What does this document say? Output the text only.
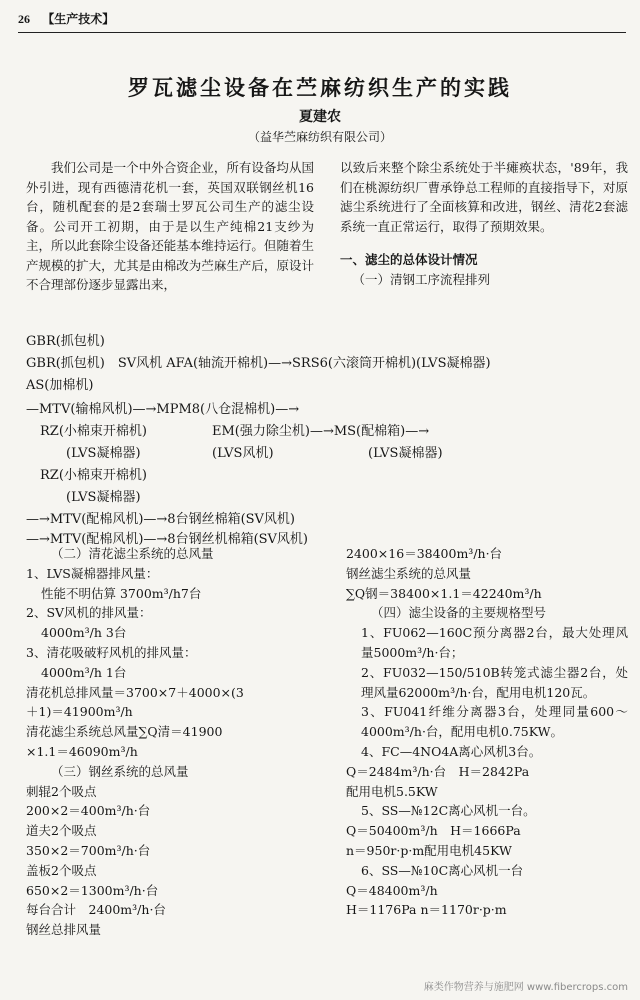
26 【生产技术】
罗瓦滤尘设备在苎麻纺织生产的实践
夏建农
（益华苎麻纺织有限公司）

我们公司是一个中外合资企业，所有设备均从国外引进，现有西德清花机一套，英国双联钢丝机16台，随机配套的是2套瑞士罗瓦公司生产的滤尘设备。公司开工初期，由于是以生产纯棉21支纱为主，所以此套除尘设备还能基本维持运行。但随着生产规模的扩大，尤其是由棉改为苎麻生产后，原设计不合理部份逐步显露出来，

以致后来整个除尘系统处于半瘫痪状态，'89年，我们在桃源纺织厂曹承铮总工程师的直接指导下，对原滤尘系统进行了全面核算和改进，钢丝、清花2套滤系统一直正常运行，取得了预期效果。

一、滤尘的总体设计情况

（一）清钢工序流程排列

GBR(抓包机)
GBR(抓包机)　SV风机 AFA(轴流开棉机)—→SRS6(六滚筒开棉机)(LVS凝棉器)
AS(加棉机)
—MTV(输棉风机)—→MPM8(八仓混棉机)—→
RZ(小棉束开棉机)	EM(强力除尘机)—→MS(配棉箱)—→
(LVS凝棉器)	(LVS风机)	(LVS凝棉器)
RZ(小棉束开棉机)
(LVS凝棉器)
—→MTV(配棉风机)—→8台钢丝棉箱(SV风机)
—→MTV(配棉风机)—→8台钢丝机棉箱(SV风机)

（二）清花滤尘系统的总风量

1、LVS凝棉器排风量：

性能不明估算 3700m³/h7台

2、SV风机的排风量：

4000m³/h 3台

3、清花吸破籽风机的排风量：

4000m³/h 1台

清花机总排风量＝3700×7＋4000×(3

＋1)＝41900m³/h

清花滤尘系统总风量∑Q清＝41900

×1.1＝46090m³/h

（三）钢丝系统的总风量

刺辊2个吸点

200×2＝400m³/h·台

道夫2个吸点

350×2＝700m³/h·台

盖板2个吸点

650×2＝1300m³/h·台

每台合计　2400m³/h·台

钢丝总排风量

2400×16＝38400m³/h·台

钢丝滤尘系统的总风量

∑Q钢＝38400×1.1＝42240m³/h

（四）滤尘设备的主要规格型号

1、FU062—160C预分离器2台，最大处理风量5000m³/h·台；

2、FU032—150/510B转笼式滤尘器2台，处理风量62000m³/h·台，配用电机120瓦。

3、FU041纤维分离器3台，处理同量600～4000m³/h·台，配用电机0.75KW。

4、FC—4NO4A离心风机3台。

Q＝2484m³/h·台　H＝2842Pa

配用电机5.5KW

5、SS—№12C离心风机一台。

Q＝50400m³/h　H＝1666Pa

n＝950r·p·m配用电机45KW

6、SS—№10C离心风机一台

Q＝48400m³/h

H＝1176Pa n＝1170r·p·m

麻类作物营养与施肥网 www.fibercrops.com
